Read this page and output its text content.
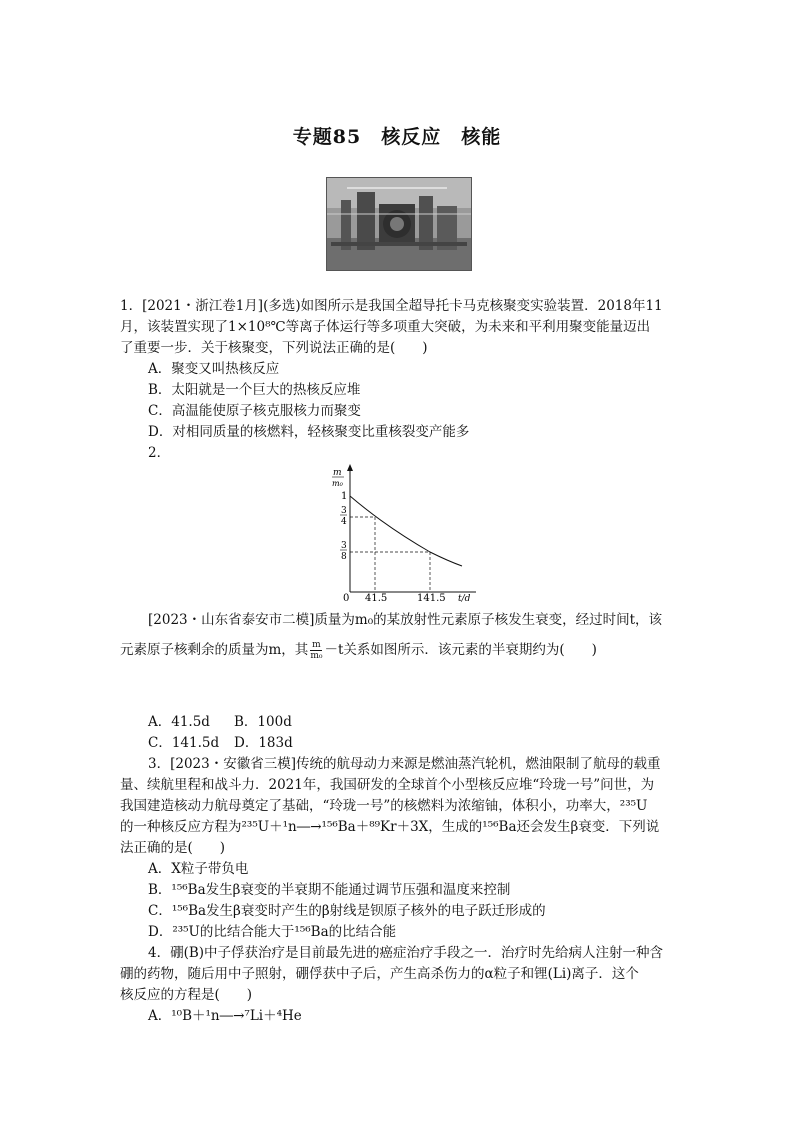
专题85　核反应　核能
1．[2021・浙江卷1月](多选)如图所示是我国全超导托卡马克核聚变实验装置．2018年11
月，该装置实现了1×10⁸℃等离子体运行等多项重大突破，为未来和平利用聚变能量迈出
了重要一步．关于核聚变，下列说法正确的是(　　)
A．聚变又叫热核反应
B．太阳就是一个巨大的热核反应堆
C．高温能使原子核克服核力而聚变
D．对相同质量的核燃料，轻核聚变比重核裂变产能多
2．
m
m₀
1
3
4
3
8
0 41.5	141.5 t/d
[2023・山东省泰安市二模]质量为m₀的某放射性元素原子核发生衰变，经过时间t，该
元素原子核剩余的质量为m，其 $\frac{m}{\text{m₀}} -t$关系如图所示．该元素的半衰期约为(　　)
A．41.5d B．100d
C．141.5d D．183d
3．[2023・安徽省三模]传统的航母动力来源是燃油蒸汽轮机，燃油限制了航母的载重
量、续航里程和战斗力．2021年，我国研发的全球首个小型核反应堆“玲珑一号”问世，为
我国建造核动力航母奠定了基础，“玲珑一号”的核燃料为浓缩铀，体积小，功率大，²³⁵U
的一种核反应方程为²³⁵U＋¹n―→¹⁵⁶Ba＋⁸⁹Kr＋3X，生成的¹⁵⁶Ba还会发生β衰变．下列说
法正确的是(　　)
A．X粒子带负电
B．¹⁵⁶Ba发生β衰变的半衰期不能通过调节压强和温度来控制
C．¹⁵⁶Ba发生β衰变时产生的β射线是钡原子核外的电子跃迁形成的
D．²³⁵U的比结合能大于¹⁵⁶Ba的比结合能
4．硼(B)中子俘获治疗是目前最先进的癌症治疗手段之一．治疗时先给病人注射一种含
硼的药物，随后用中子照射，硼俘获中子后，产生高杀伤力的α粒子和锂(Li)离子．这个
核反应的方程是(　　)
A．¹⁰B＋¹n―→⁷Li＋⁴He
